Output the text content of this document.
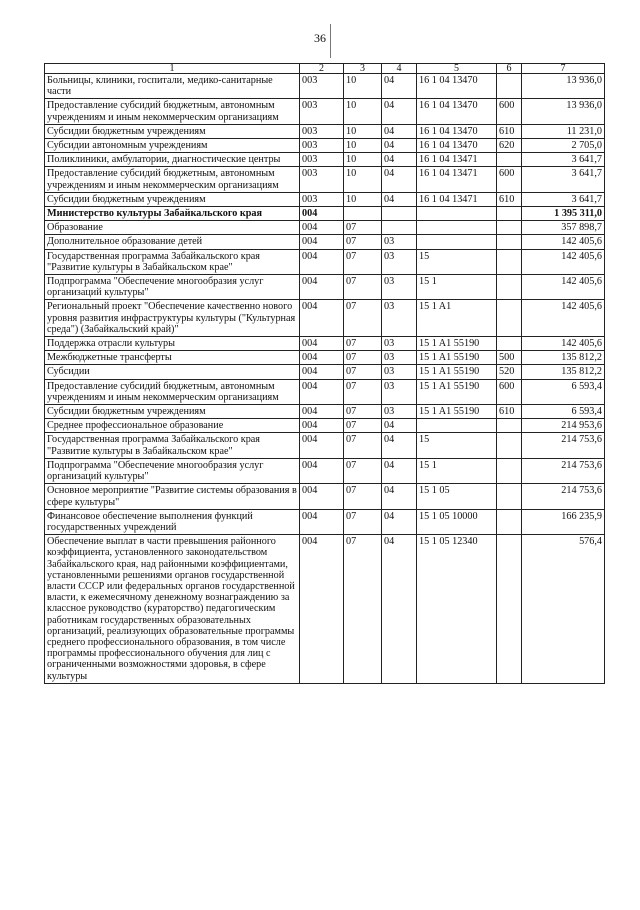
36
1	2	3	4	5	6	7
Больницы, клиники, госпитали, медико-санитарные части	003	10	04	16 1 04 13470		13 936,0
Предоставление субсидий бюджетным, автономным учреждениям и иным некоммерческим организациям	003	10	04	16 1 04 13470	600	13 936,0
Субсидии бюджетным учреждениям	003	10	04	16 1 04 13470	610	11 231,0
Субсидии автономным учреждениям	003	10	04	16 1 04 13470	620	2 705,0
Поликлиники, амбулатории, диагностические центры	003	10	04	16 1 04 13471		3 641,7
Предоставление субсидий бюджетным, автономным учреждениям и иным некоммерческим организациям	003	10	04	16 1 04 13471	600	3 641,7
Субсидии бюджетным учреждениям	003	10	04	16 1 04 13471	610	3 641,7
Министерство культуры Забайкальского края	004					1 395 311,0
Образование	004	07				357 898,7
Дополнительное образование детей	004	07	03			142 405,6
Государственная программа Забайкальского края "Развитие культуры в Забайкальском крае"	004	07	03	15		142 405,6
Подпрограмма "Обеспечение многообразия услуг организаций культуры"	004	07	03	15 1		142 405,6
Региональный проект "Обеспечение качественно нового уровня развития инфраструктуры культуры ("Культурная среда") (Забайкальский край)"	004	07	03	15 1 A1		142 405,6
Поддержка отрасли культуры	004	07	03	15 1 A1 55190		142 405,6
Межбюджетные трансферты	004	07	03	15 1 A1 55190	500	135 812,2
Субсидии	004	07	03	15 1 A1 55190	520	135 812,2
Предоставление субсидий бюджетным, автономным учреждениям и иным некоммерческим организациям	004	07	03	15 1 A1 55190	600	6 593,4
Субсидии бюджетным учреждениям	004	07	03	15 1 A1 55190	610	6 593,4
Среднее профессиональное образование	004	07	04			214 953,6
Государственная программа Забайкальского края "Развитие культуры в Забайкальском крае"	004	07	04	15		214 753,6
Подпрограмма "Обеспечение многообразия услуг организаций культуры"	004	07	04	15 1		214 753,6
Основное мероприятие "Развитие системы образования в сфере культуры"	004	07	04	15 1 05		214 753,6
Финансовое обеспечение выполнения функций государственных учреждений	004	07	04	15 1 05 10000		166 235,9
Обеспечение выплат в части превышения районного коэффициента, установленного законодательством Забайкальского края, над районными коэффициентами, установленными решениями органов государственной власти СССР или федеральных органов государственной власти, к ежемесячному денежному вознаграждению за классное руководство (кураторство) педагогическим работникам государственных образовательных организаций, реализующих образовательные программы среднего профессионального образования, в том числе программы профессионального обучения для лиц с ограниченными возможностями здоровья, в сфере культуры	004	07	04	15 1 05 12340		576,4
